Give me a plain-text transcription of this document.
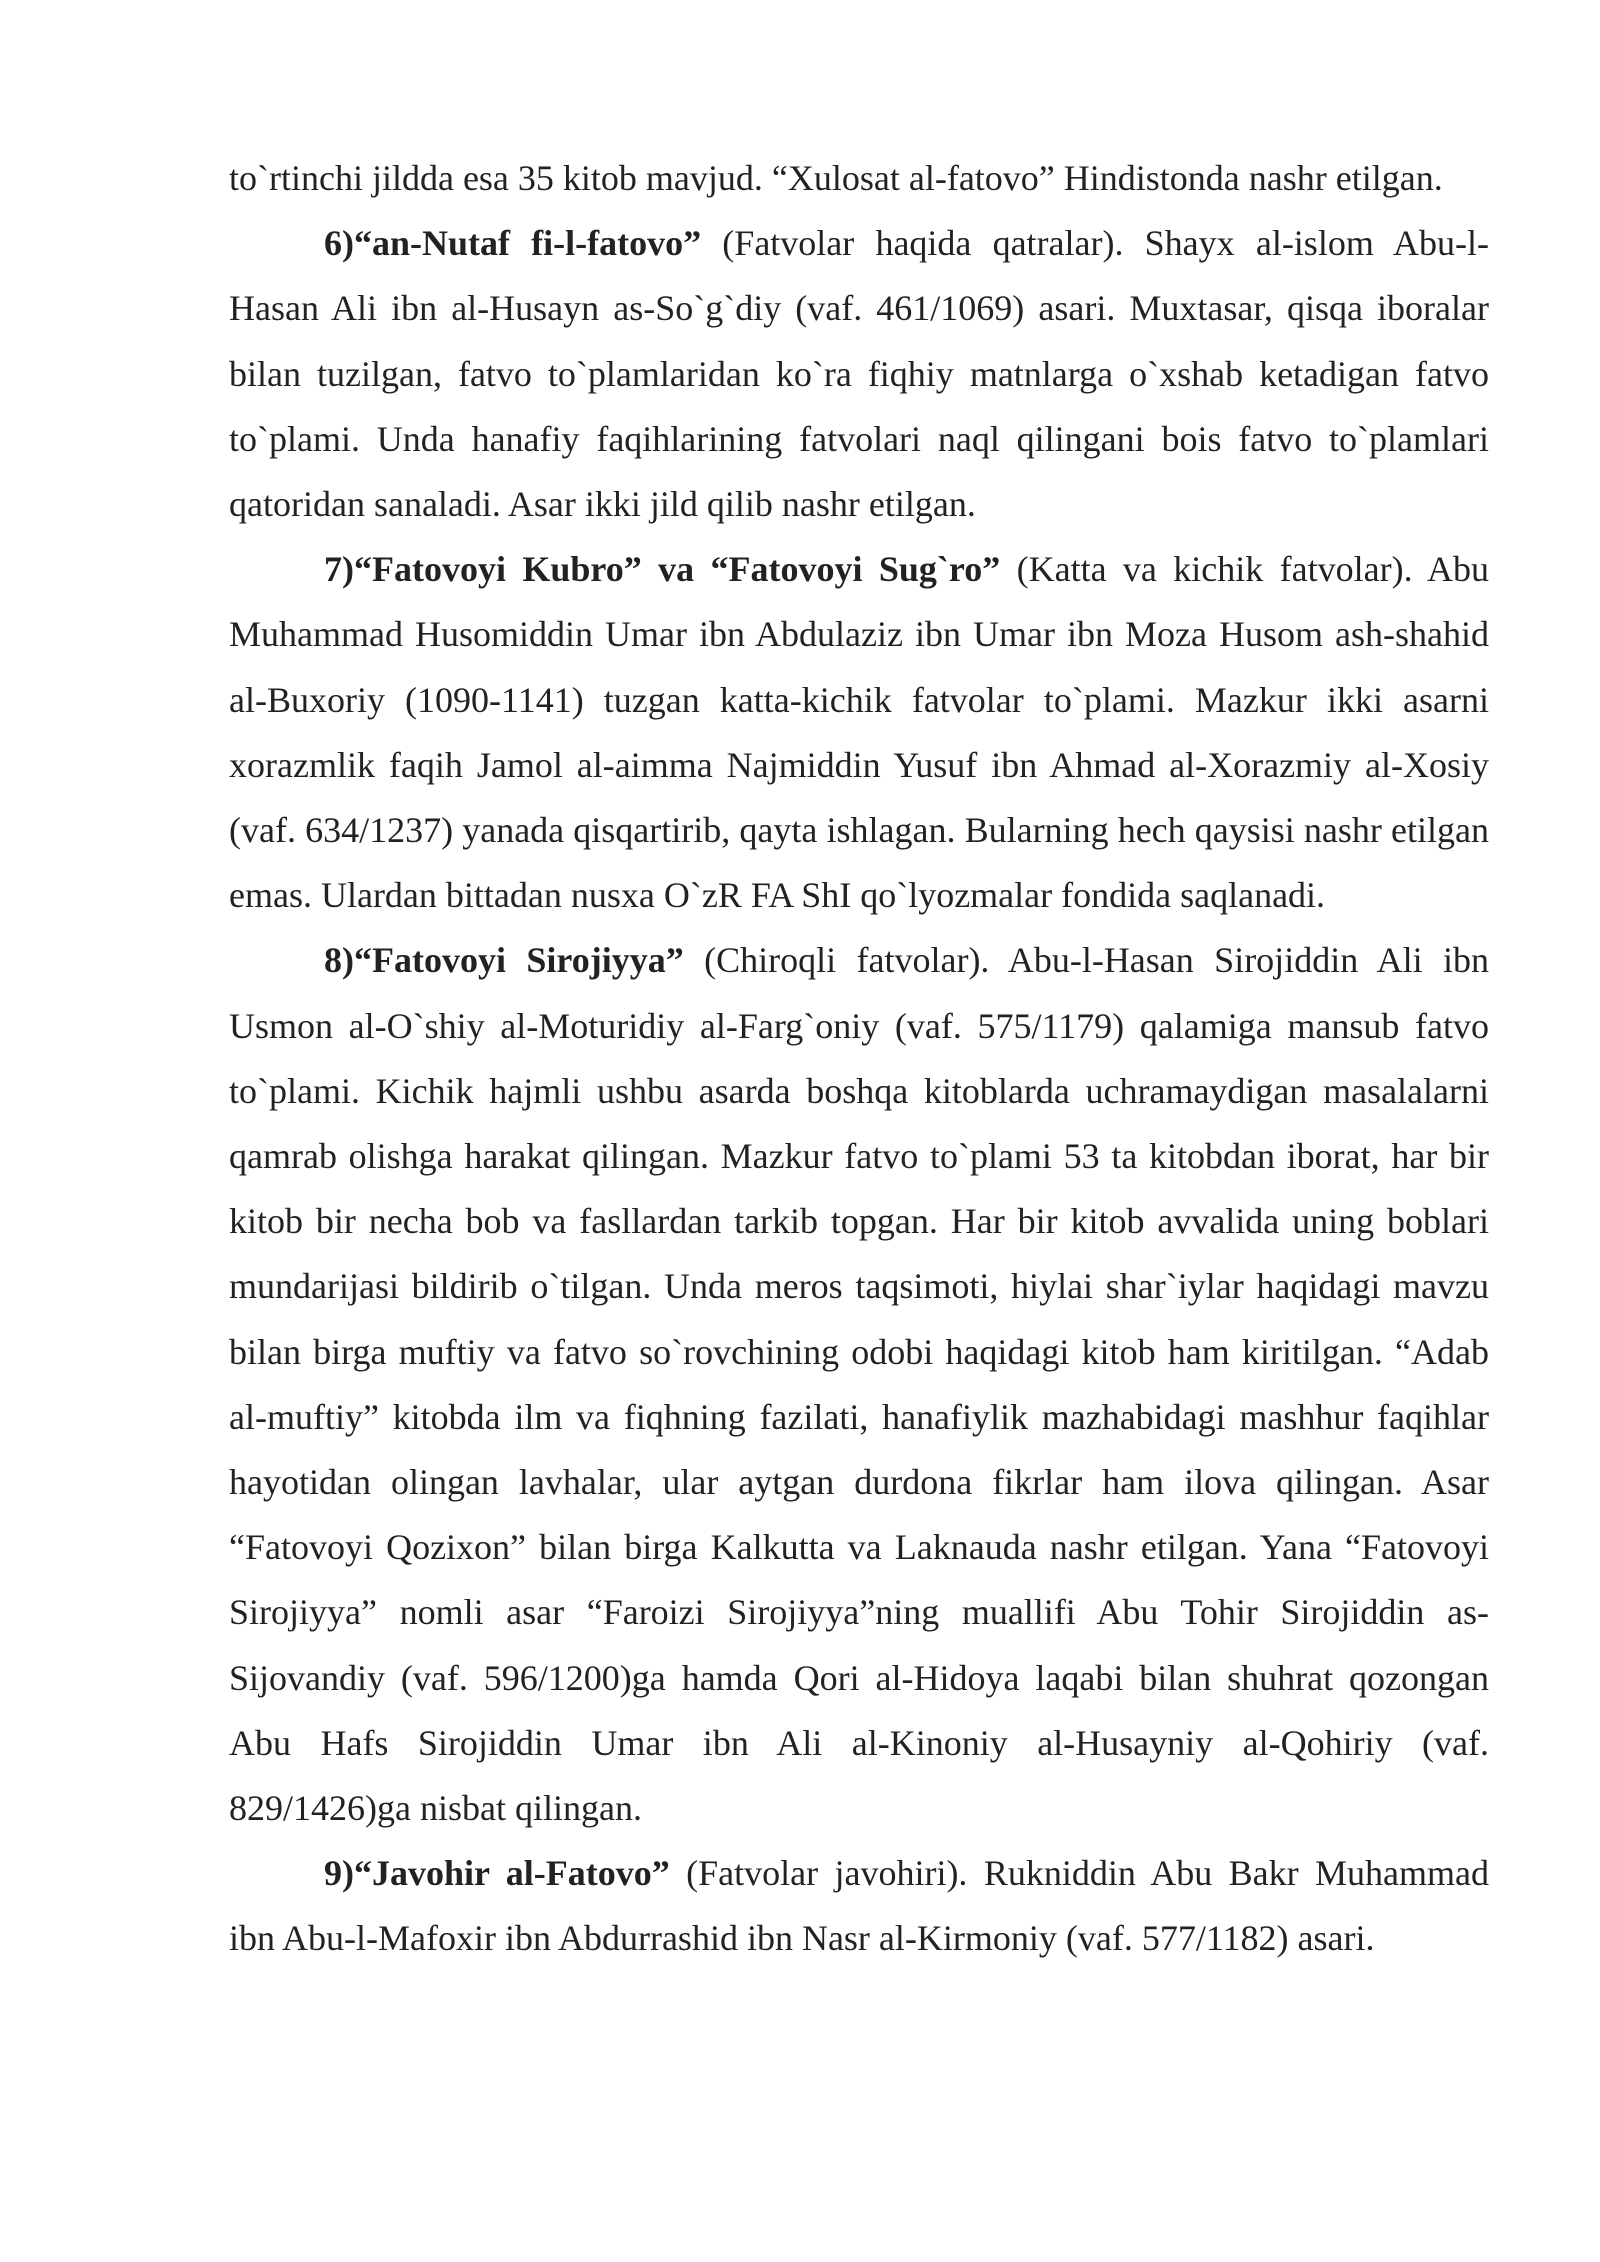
to`rtinchi jildda esa 35 kitob mavjud. “Xulosat al-fatovo” Hindistonda nashr etilgan.

6)“an-Nutaf fi-l-fatovo” (Fatvolar haqida qatralar). Shayx al-islom Abu-l-Hasan Ali ibn al-Husayn as-So`g`diy (vaf. 461/1069) asari. Muxtasar, qisqa iboralar bilan tuzilgan, fatvo to`plamlaridan ko`ra fiqhiy matnlarga o`xshab ketadigan fatvo to`plami. Unda hanafiy faqihlarining fatvolari naql qilingani bois fatvo to`plamlari qatoridan sanaladi. Asar ikki jild qilib nashr etilgan.

7)“Fatovoyi Kubro” va “Fatovoyi Sug`ro” (Katta va kichik fatvolar). Abu Muhammad Husomiddin Umar ibn Abdulaziz ibn Umar ibn Moza Husom ash-shahid al-Buxoriy (1090-1141) tuzgan katta-kichik fatvolar to`plami. Mazkur ikki asarni xorazmlik faqih Jamol al-aimma Najmiddin Yusuf ibn Ahmad al-Xorazmiy al-Xosiy (vaf. 634/1237) yanada qisqartirib, qayta ishlagan. Bularning hech qaysisi nashr etilgan emas. Ulardan bittadan nusxa O`zR FA ShI qo`lyozmalar fondida saqlanadi.

8)“Fatovoyi Sirojiyya” (Chiroqli fatvolar). Abu-l-Hasan Sirojiddin Ali ibn Usmon al-O`shiy al-Moturidiy al-Farg`oniy (vaf. 575/1179) qalamiga mansub fatvo to`plami. Kichik hajmli ushbu asarda boshqa kitoblarda uchramaydigan masalalarni qamrab olishga harakat qilingan. Mazkur fatvo to`plami 53 ta kitobdan iborat, har bir kitob bir necha bob va fasllardan tarkib topgan. Har bir kitob avvalida uning boblari mundarijasi bildirib o`tilgan. Unda meros taqsimoti, hiylai shar`iylar haqidagi mavzu bilan birga muftiy va fatvo so`rovchining odobi haqidagi kitob ham kiritilgan. “Adab al-muftiy” kitobda ilm va fiqhning fazilati, hanafiylik mazhabidagi mashhur faqihlar hayotidan olingan lavhalar, ular aytgan durdona fikrlar ham ilova qilingan. Asar “Fatovoyi Qozixon” bilan birga Kalkutta va Laknauda nashr etilgan. Yana “Fatovoyi Sirojiyya” nomli asar “Faroizi Sirojiyya”ning muallifi Abu Tohir Sirojiddin as-Sijovandiy (vaf. 596/1200)ga hamda Qori al-Hidoya laqabi bilan shuhrat qozongan Abu Hafs Sirojiddin Umar ibn Ali al-Kinoniy al-Husayniy al-Qohiriy (vaf. 829/1426)ga nisbat qilingan.

9)“Javohir al-Fatovo” (Fatvolar javohiri). Rukniddin Abu Bakr Muhammad ibn Abu-l-Mafoxir ibn Abdurrashid ibn Nasr al-Kirmoniy (vaf. 577/1182) asari.
